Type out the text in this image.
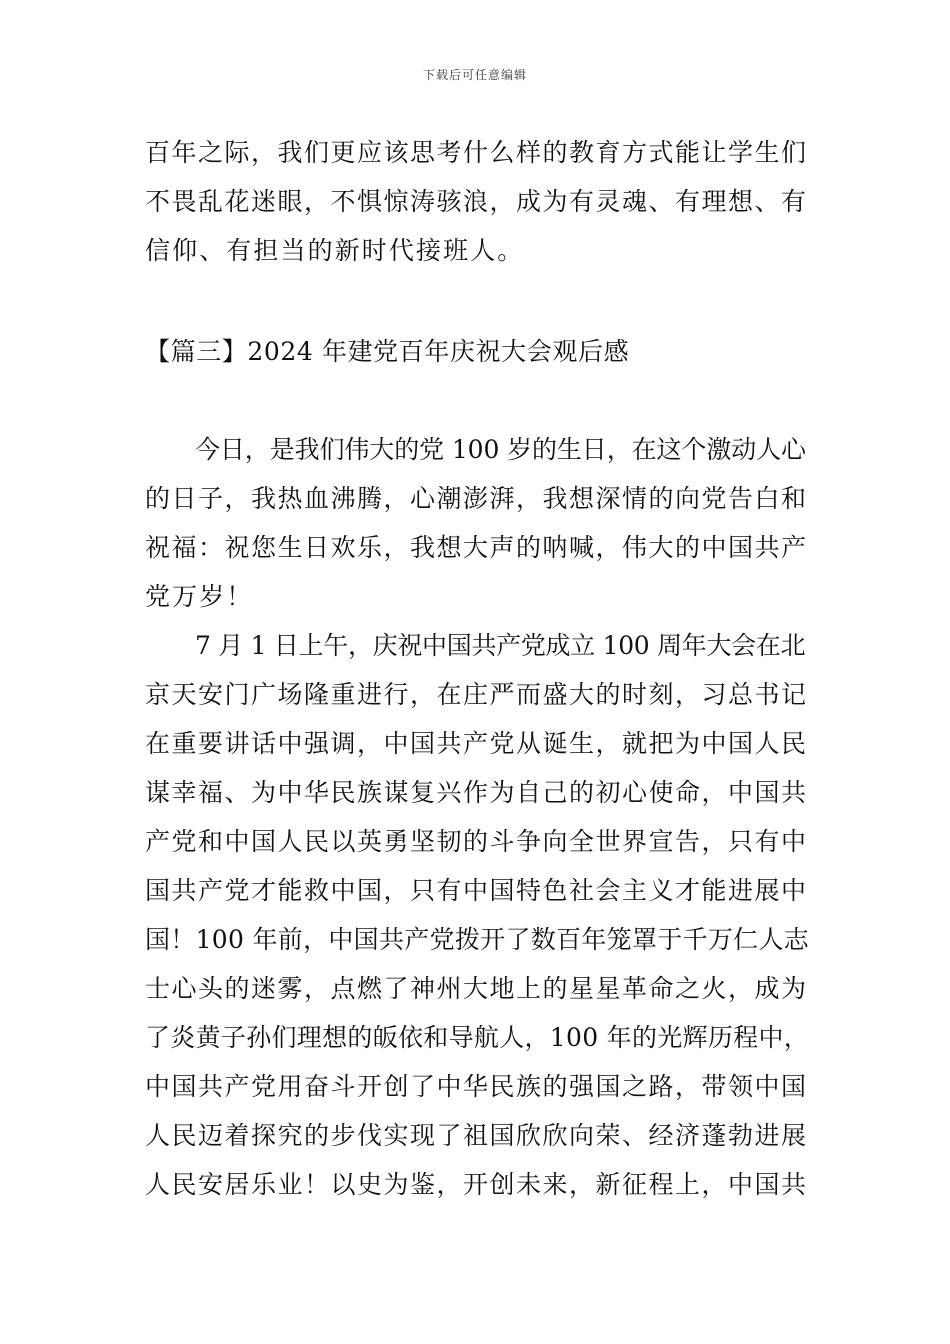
下载后可任意编辑
百年之际，我们更应该思考什么样的教育方式能让学生们
不畏乱花迷眼，不惧惊涛骇浪，成为有灵魂、有理想、有
信仰、有担当的新时代接班人。
【篇三】2024 年建党百年庆祝大会观后感
今日，是我们伟大的党 100 岁的生日，在这个激动人心
的日子，我热血沸腾，心潮澎湃，我想深情的向党告白和
祝福：祝您生日欢乐，我想大声的呐喊，伟大的中国共产
党万岁！
7 月 1 日上午，庆祝中国共产党成立 100 周年大会在北
京天安门广场隆重进行，在庄严而盛大的时刻，习总书记
在重要讲话中强调，中国共产党从诞生，就把为中国人民
谋幸福、为中华民族谋复兴作为自己的初心使命，中国共
产党和中国人民以英勇坚韧的斗争向全世界宣告，只有中
国共产党才能救中国，只有中国特色社会主义才能进展中
国！100 年前，中国共产党拨开了数百年笼罩于千万仁人志
士心头的迷雾，点燃了神州大地上的星星革命之火，成为
了炎黄子孙们理想的皈依和导航人，100 年的光辉历程中，
中国共产党用奋斗开创了中华民族的强国之路，带领中国
人民迈着探究的步伐实现了祖国欣欣向荣、经济蓬勃进展
人民安居乐业！以史为鉴，开创未来，新征程上，中国共
